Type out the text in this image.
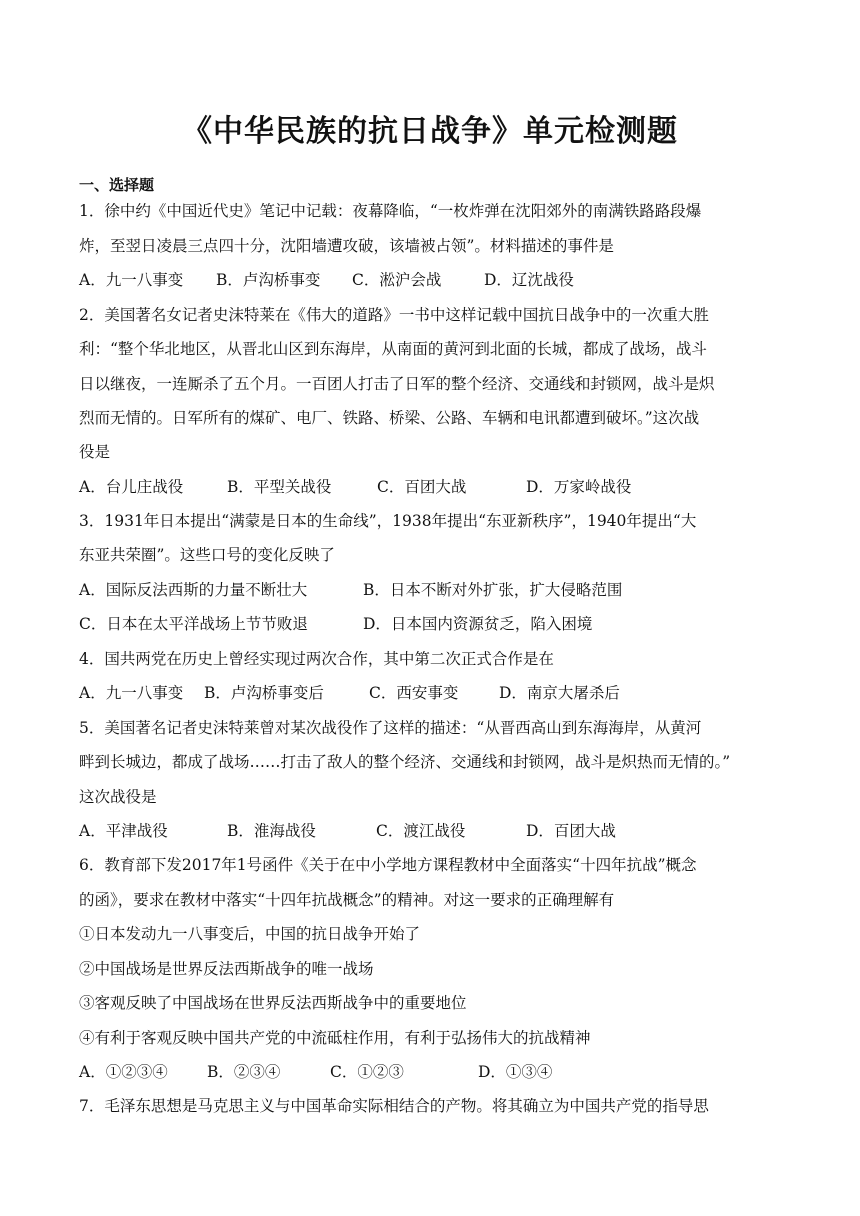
《中华民族的抗日战争》单元检测题
一、选择题
1．徐中约《中国近代史》笔记中记载：夜幕降临，“一枚炸弹在沈阳郊外的南满铁路路段爆
炸，至翌日凌晨三点四十分，沈阳墙遭攻破，该墙被占领”。材料描述的事件是
A．九一八事变 B．卢沟桥事变 C．淞沪会战	D．辽沈战役
2．美国著名女记者史沫特莱在《伟大的道路》一书中这样记载中国抗日战争中的一次重大胜
利：“整个华北地区，从晋北山区到东海岸，从南面的黄河到北面的长城，都成了战场，战斗
日以继夜，一连厮杀了五个月。一百团人打击了日军的整个经济、交通线和封锁网，战斗是炽
烈而无情的。日军所有的煤矿、电厂、铁路、桥梁、公路、车辆和电讯都遭到破坏。”这次战
役是
A．台儿庄战役	B．平型关战役	C．百团大战	D．万家岭战役
3．1931年日本提出“满蒙是日本的生命线”，1938年提出“东亚新秩序”，1940年提出“大
东亚共荣圈”。这些口号的变化反映了
A．国际反法西斯的力量不断壮大	B．日本不断对外扩张，扩大侵略范围
C．日本在太平洋战场上节节败退	D．日本国内资源贫乏，陷入困境
4．国共两党在历史上曾经实现过两次合作，其中第二次正式合作是在
A．九一八事变 B．卢沟桥事变后	C．西安事变	D．南京大屠杀后
5．美国著名记者史沫特莱曾对某次战役作了这样的描述：“从晋西高山到东海海岸，从黄河
畔到长城边，都成了战场……打击了敌人的整个经济、交通线和封锁网，战斗是炽热而无情的。”
这次战役是
A．平津战役	B．淮海战役	C．渡江战役	D．百团大战
6．教育部下发2017年1号函件《关于在中小学地方课程教材中全面落实“十四年抗战”概念
的函》，要求在教材中落实“十四年抗战概念”的精神。对这一要求的正确理解有
①日本发动九一八事变后，中国的抗日战争开始了
②中国战场是世界反法西斯战争的唯一战场
③客观反映了中国战场在世界反法西斯战争中的重要地位
④有利于客观反映中国共产党的中流砥柱作用，有利于弘扬伟大的抗战精神
A．①②③④	B．②③④	C．①②③	D．①③④
7．毛泽东思想是马克思主义与中国革命实际相结合的产物。将其确立为中国共产党的指导思
